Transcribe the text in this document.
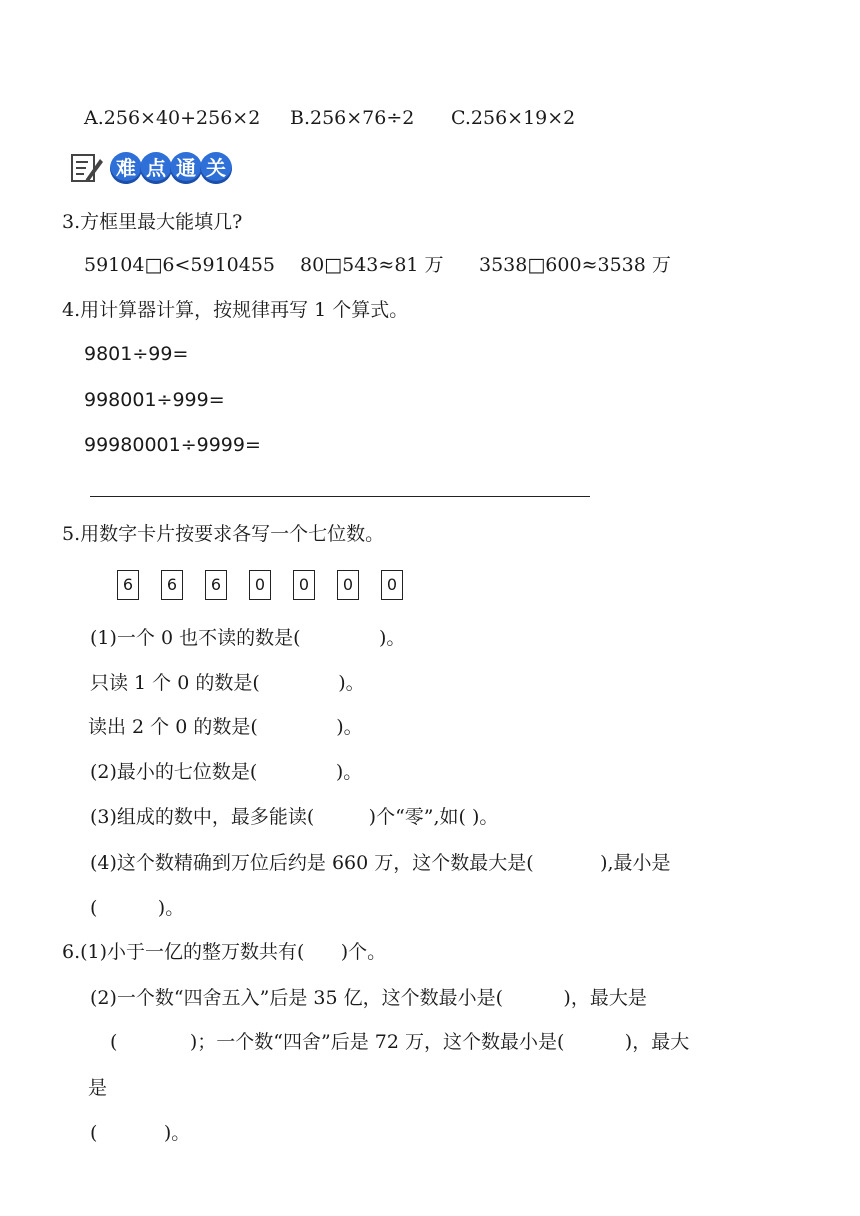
A.256×40+256×2 B.256×76÷2 C.256×19×2
难 点 通 关
3.方框里最大能填几?
59104□6<5910455 80□543≈81 万 3538□600≈3538 万
4.用计算器计算，按规律再写 1 个算式。
9801÷99=
998001÷999=
99980001÷9999=
5.用数字卡片按要求各写一个七位数。
6	6	6	0	0	0	0
(1)一个 0 也不读的数是(             )。
只读 1 个 0 的数是(             )。
读出 2 个 0 的数是(             )。
(2)最小的七位数是(             )。
(3)组成的数中，最多能读(         )个“零”,如( )。
(4)这个数精确到万位后约是 660 万，这个数最大是(           ),最小是
(          )。
6.(1)小于一亿的整万数共有(      )个。
(2)一个数“四舍五入”后是 35 亿，这个数最小是(          )，最大是
(            )；一个数“四舍”后是 72 万，这个数最小是(          )，最大
是
(           )。
